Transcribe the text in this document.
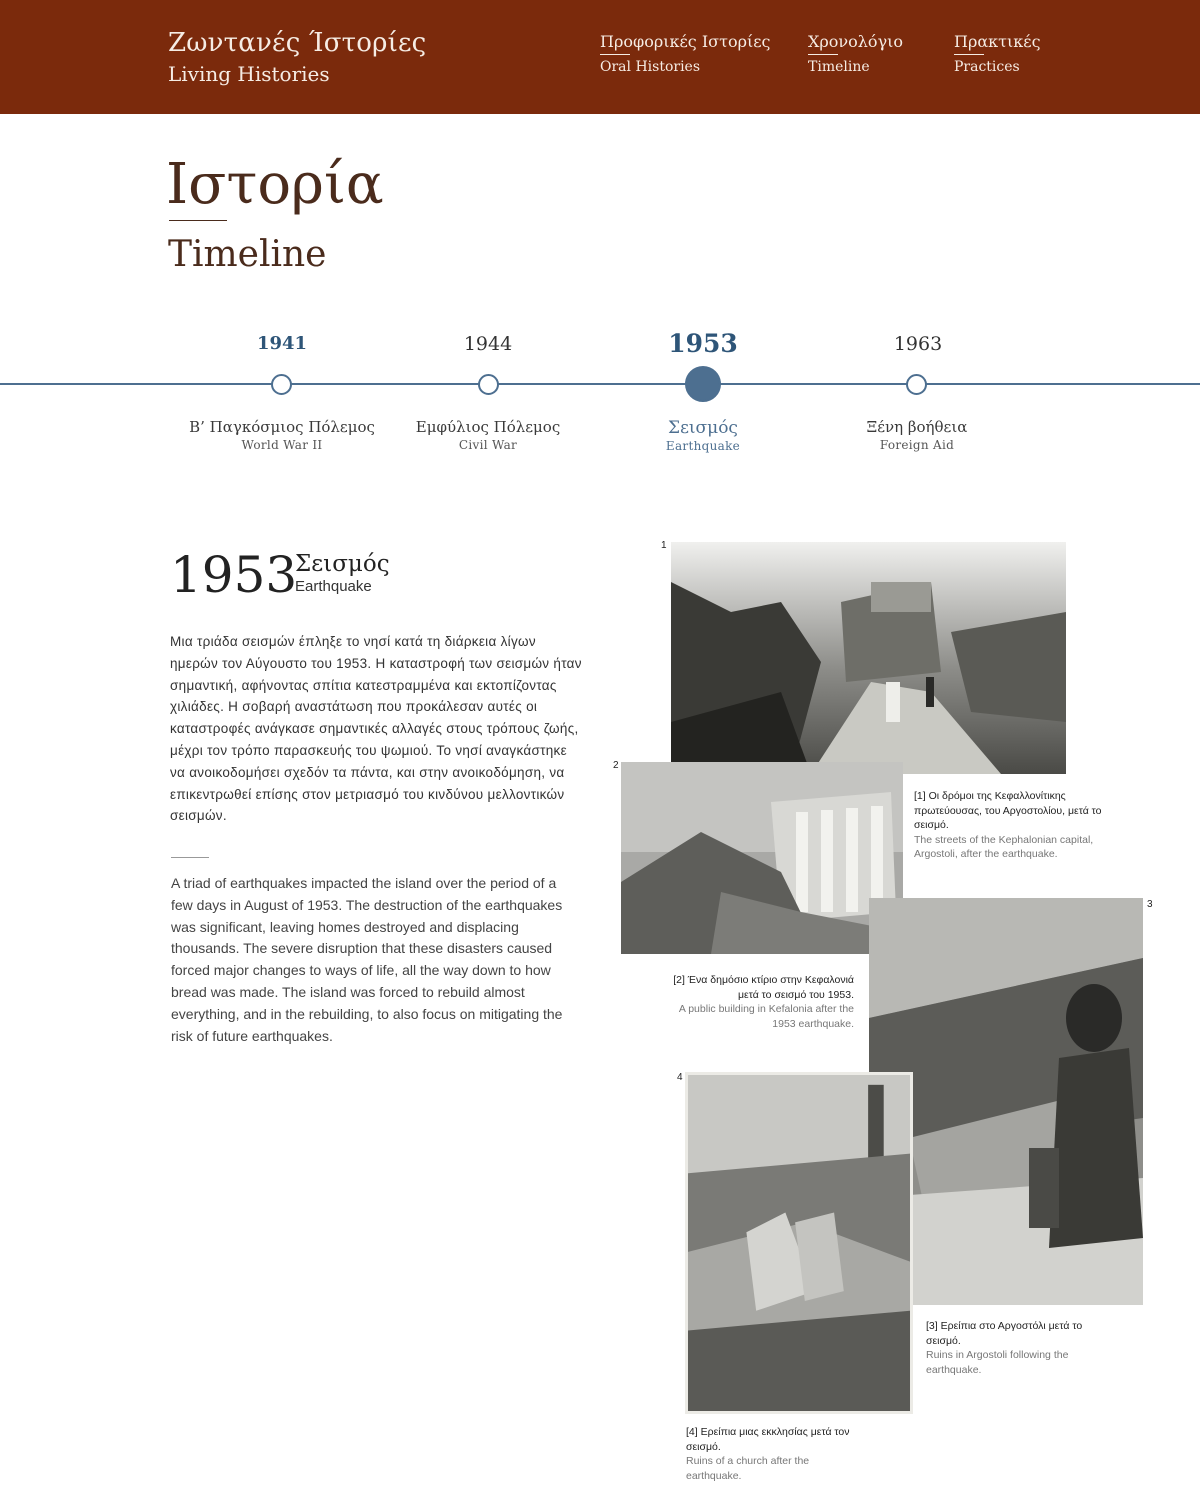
Ζωντανές Ίστορίες
Living Histories
Προφορικές Ιστορίες
Oral Histories
Χρονολόγιο
Timeline
Πρακτικές
Practices
Ιστορία
Timeline
1941	1944	1953	1963
Β’ Παγκόσμιος Πόλεμος
World War II
Εμφύλιος Πόλεμος
Civil War
Σεισμός
Earthquake
Ξένη βοήθεια
Foreign Aid
1953
Σεισμός
Earthquake
Μια τριάδα σεισμών έπληξε το νησί κατά τη διάρκεια λίγων ημερών τον Αύγουστο του 1953. Η καταστροφή των σεισμών ήταν σημαντική, αφήνοντας σπίτια κατεστραμμένα και εκτοπίζοντας χιλιάδες. Η σοβαρή αναστάτωση που προκάλεσαν αυτές οι καταστροφές ανάγκασε σημαντικές αλλαγές στους τρόπους ζωής, μέχρι τον τρόπο παρασκευής του ψωμιού. Το νησί αναγκάστηκε να ανοικοδομήσει σχεδόν τα πάντα, και στην ανοικοδόμηση, να επικεντρωθεί επίσης στον μετριασμό του κινδύνου μελλοντικών σεισμών.
A triad of earthquakes impacted the island over the period of a few days in August of 1953. The destruction of the earthquakes was significant, leaving homes destroyed and displacing thousands. The severe disruption that these disasters caused forced major changes to ways of life, all the way down to how bread was made. The island was forced to rebuild almost everything, and in the rebuilding, to also focus on mitigating the risk of future earthquakes.
1
[1] Οι δρόμοι της Κεφαλλονίτικης πρωτεύουσας, του Αργοστολίου, μετά το σεισμό.
The streets of the Kephalonian capital, Argostoli, after the earthquake.
2
[2] Ένα δημόσιο κτίριο στην Κεφαλονιά μετά το σεισμό του 1953.
A public building in Kefalonia after the 1953 earthquake.
3
[3] Ερείπια στο Αργοστόλι μετά το σεισμό.
Ruins in Argostoli following the earthquake.
4
[4] Ερείπια μιας εκκλησίας μετά τον σεισμό.
Ruins of a church after the earthquake.
